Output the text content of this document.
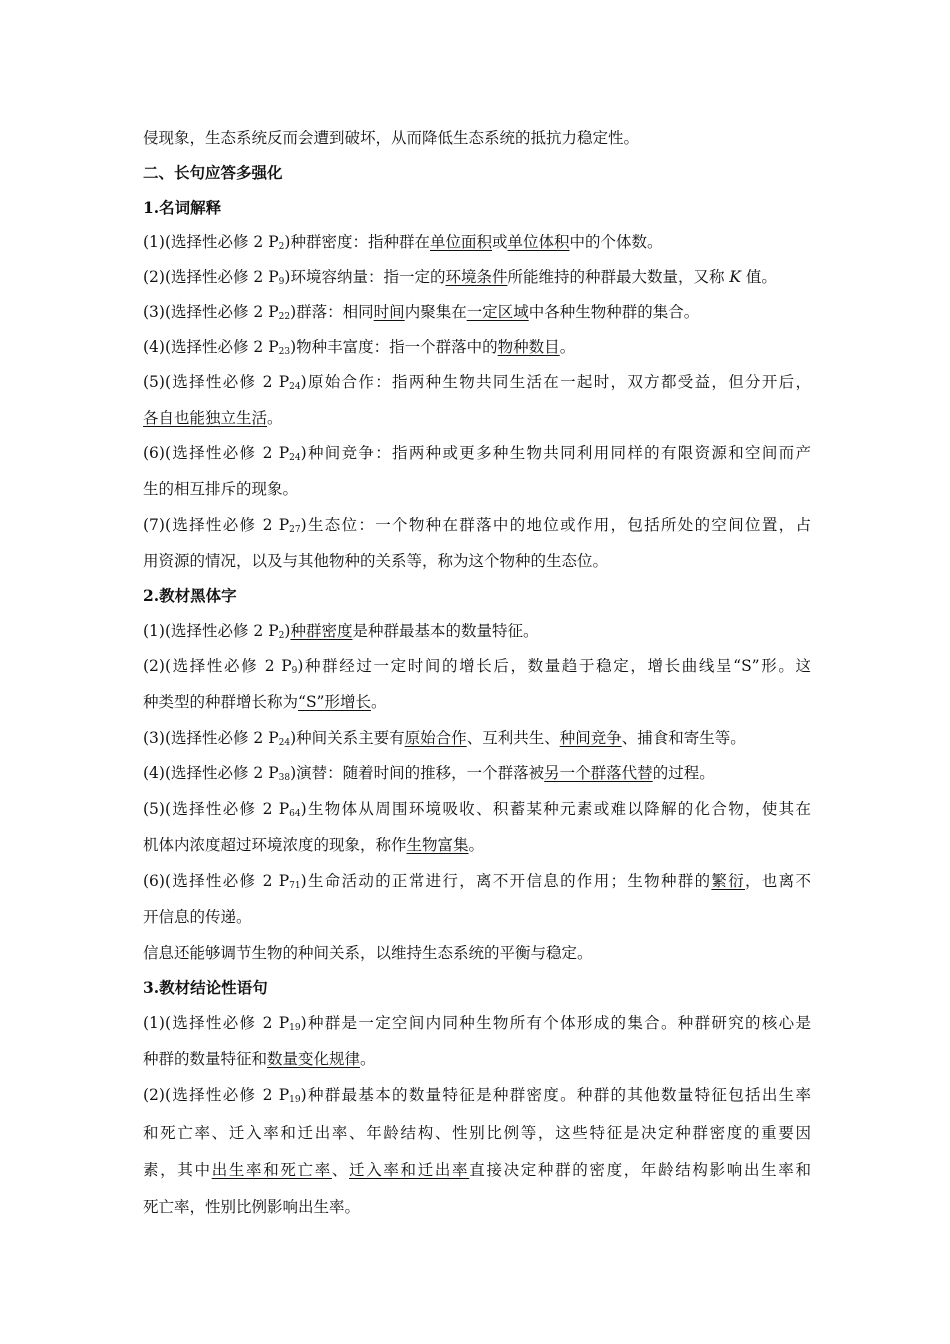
侵现象，生态系统反而会遭到破坏，从而降低生态系统的抵抗力稳定性。
二、长句应答多强化
1.名词解释
(1)(选择性必修 2 $P_2$)种群密度：指种群在单位面积或单位体积中的个体数。
(2)(选择性必修 2 $P_9$)环境容纳量：指一定的环境条件所能维持的种群最大数量，又称 K 值。
(3)(选择性必修 2 $P_{22}$)群落：相同时间内聚集在一定区域中各种生物种群的集合。
(4)(选择性必修 2 $P_{23}$)物种丰富度：指一个群落中的物种数目。
(5)(选择性必修 2 $P_{24}$)原始合作：指两种生物共同生活在一起时，双方都受益，但分开后，
各自也能独立生活。
(6)(选择性必修 2 $P_{24}$)种间竞争：指两种或更多种生物共同利用同样的有限资源和空间而产
生的相互排斥的现象。
(7)(选择性必修 2 $P_{27}$)生态位：一个物种在群落中的地位或作用，包括所处的空间位置，占
用资源的情况，以及与其他物种的关系等，称为这个物种的生态位。
2.教材黑体字
(1)(选择性必修 2 $P_2$)种群密度是种群最基本的数量特征。
(2)(选择性必修 2 $P_9$)种群经过一定时间的增长后，数量趋于稳定，增长曲线呈“S”形。这
种类型的种群增长称为“S”形增长。
(3)(选择性必修 2 $P_{24}$)种间关系主要有原始合作、互利共生、种间竞争、捕食和寄生等。
(4)(选择性必修 2 $P_{38}$)演替：随着时间的推移，一个群落被另一个群落代替的过程。
(5)(选择性必修 2 $P_{64}$)生物体从周围环境吸收、积蓄某种元素或难以降解的化合物，使其在
机体内浓度超过环境浓度的现象，称作生物富集。
(6)(选择性必修 2 $P_{71}$)生命活动的正常进行，离不开信息的作用；生物种群的繁衍，也离不
开信息的传递。
信息还能够调节生物的种间关系，以维持生态系统的平衡与稳定。
3.教材结论性语句
(1)(选择性必修 2 $P_{19}$)种群是一定空间内同种生物所有个体形成的集合。种群研究的核心是
种群的数量特征和数量变化规律。
(2)(选择性必修 2 $P_{19}$)种群最基本的数量特征是种群密度。种群的其他数量特征包括出生率
和死亡率、迁入率和迁出率、年龄结构、性别比例等，这些特征是决定种群密度的重要因
素，其中出生率和死亡率、迁入率和迁出率直接决定种群的密度，年龄结构影响出生率和
死亡率，性别比例影响出生率。
